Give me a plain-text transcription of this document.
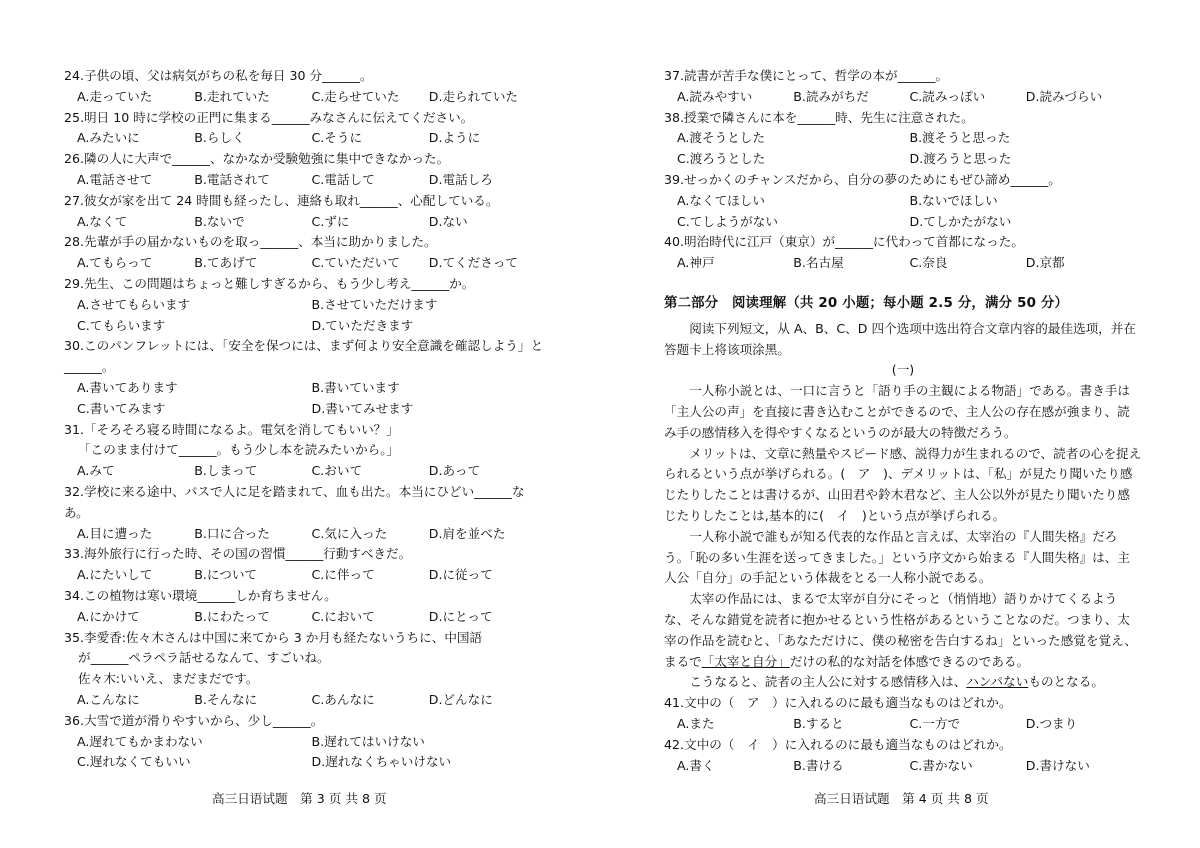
24.子供の頃、父は病気がちの私を毎日 30 分______。
A.走っていた	B.走れていた	C.走らせていた	D.走られていた
25.明日 10 時に学校の正門に集まる______みなさんに伝えてください。
A.みたいに	B.らしく	C.そうに	D.ように
26.隣の人に大声で______、なかなか受験勉強に集中できなかった。
A.電話させて	B.電話されて	C.電話して	D.電話しろ
27.彼女が家を出て 24 時間も経ったし、連絡も取れ______、心配している。
A.なくて	B.ないで	C.ずに	D.ない
28.先輩が手の届かないものを取っ______、本当に助かりました。
A.てもらって	B.てあげて	C.ていただいて	D.てくださって
29.先生、この問題はちょっと難しすぎるから、もう少し考え______か。
A.させてもらいます	B.させていただけます
C.てもらいます	D.ていただきます
30.このパンフレットには、「安全を保つには、まず何より安全意識を確認しよう」と______。
A.書いてあります	B.書いています
C.書いてみます	D.書いてみせます
31.「そろそろ寝る時間になるよ。電気を消してもいい？」
「このまま付けて______。もう少し本を読みたいから。」
A.みて	B.しまって	C.おいて	D.あって
32.学校に来る途中、バスで人に足を踏まれて、血も出た。本当にひどい______なあ。
A.目に遭った	B.口に合った	C.気に入った	D.肩を並べた
33.海外旅行に行った時、その国の習慣______行動すべきだ。
A.にたいして	B.について	C.に伴って	D.に従って
34.この植物は寒い環境______しか育ちません。
A.にかけて	B.にわたって	C.において	D.にとって
35.李愛香:佐々木さんは中国に来てから 3 か月も経たないうちに、中国語
が______ペラペラ話せるなんて、すごいね。
佐々木:いいえ、まだまだです。
A.こんなに	B.そんなに	C.あんなに	D.どんなに
36.大雪で道が滑りやすいから、少し______。
A.遅れてもかまわない	B.遅れてはいけない
C.遅れなくてもいい	D.遅れなくちゃいけない
37.読書が苦手な僕にとって、哲学の本が______。
A.読みやすい	B.読みがちだ	C.読みっぽい	D.読みづらい
38.授業で隣さんに本を______時、先生に注意された。
A.渡そうとした	B.渡そうと思った
C.渡ろうとした	D.渡ろうと思った
39.せっかくのチャンスだから、自分の夢のためにもぜひ諦め______。
A.なくてほしい	B.ないでほしい
C.てしようがない	D.てしかたがない
40.明治時代に江戸（東京）が______に代わって首都になった。
A.神戸	B.名古屋	C.奈良	D.京都
第二部分　阅读理解（共 20 小题；每小题 2.5 分，满分 50 分）
阅读下列短文，从 A、B、C、D 四个选项中选出符合文章内容的最佳选项，并在答题卡上将该项涂黑。
(一)
一人称小説とは、一口に言うと「語り手の主観による物語」である。書き手は「主人公の声」を直接に書き込むことができるので、主人公の存在感が強まり、読み手の感情移入を得やすくなるというのが最大の特徴だろう。
メリットは、文章に熱量やスピード感、説得力が生まれるので、読者の心を捉えられるという点が挙げられる。(　ア　)、デメリットは、「私」が見たり聞いたり感じたりしたことは書けるが、山田君や鈴木君など、主人公以外が見たり聞いたり感じたりしたことは,基本的に(　イ　)という点が挙げられる。
一人称小説で誰もが知る代表的な作品と言えば、太宰治の『人間失格』だろう。「恥の多い生涯を送ってきました。」という序文から始まる『人間失格』は、主人公「自分」の手記という体裁をとる一人称小説である。
太宰の作品には、まるで太宰が自分にそっと（悄悄地）語りかけてくるような、そんな錯覚を読者に抱かせるという性格があるということなのだ。つまり、太宰の作品を読むと、「あなただけに、僕の秘密を告白するね」といった感覚を覚え、まるで「太宰と自分」だけの私的な対話を体感できるのである。
こうなると、読者の主人公に対する感情移入は、ハンパないものとなる。
41.文中の（　ア　）に入れるのに最も適当なものはどれか。
A.また	B.すると	C.一方で	D.つまり
42.文中の（　イ　）に入れるのに最も適当なものはどれか。
A.書く	B.書ける	C.書かない	D.書けない
高三日语试题　第 3 页 共 8 页	高三日语试题　第 4 页 共 8 页
